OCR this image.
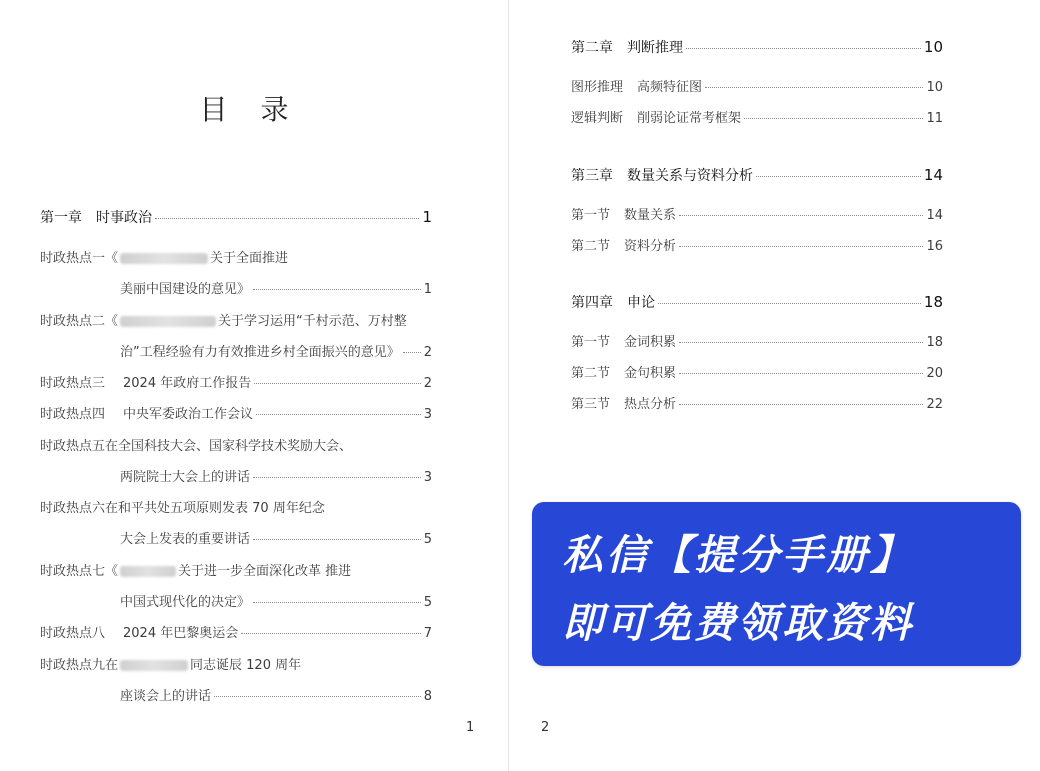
目 录
第一章　时事政治	1
时政热点一《	关于全面推进
美丽中国建设的意见》	1
时政热点二《	关于学习运用“千村示范、万村整
治”工程经验有力有效推进乡村全面振兴的意见》 2
时政热点三 2024 年政府工作报告	2
时政热点四 中央军委政治工作会议	3
时政热点五在全国科技大会、国家科学技术奖励大会、
两院院士大会上的讲话	3
时政热点六在和平共处五项原则发表 70 周年纪念
大会上发表的重要讲话	5
时政热点七《	关于进一步全面深化改革 推进
中国式现代化的决定》	5
时政热点八 2024 年巴黎奥运会	7
时政热点九在	同志诞辰 120 周年
座谈会上的讲话	8
1
第二章　判断推理	10
图形推理 高频特征图	10
逻辑判断 削弱论证常考框架	11
第三章　数量关系与资料分析	14
第一节 数量关系	14
第二节 资料分析	16
第四章　申论	18
第一节 金词积累	18
第二节 金句积累	20
第三节 热点分析	22
2
私信【提分手册】
即可免费领取资料
